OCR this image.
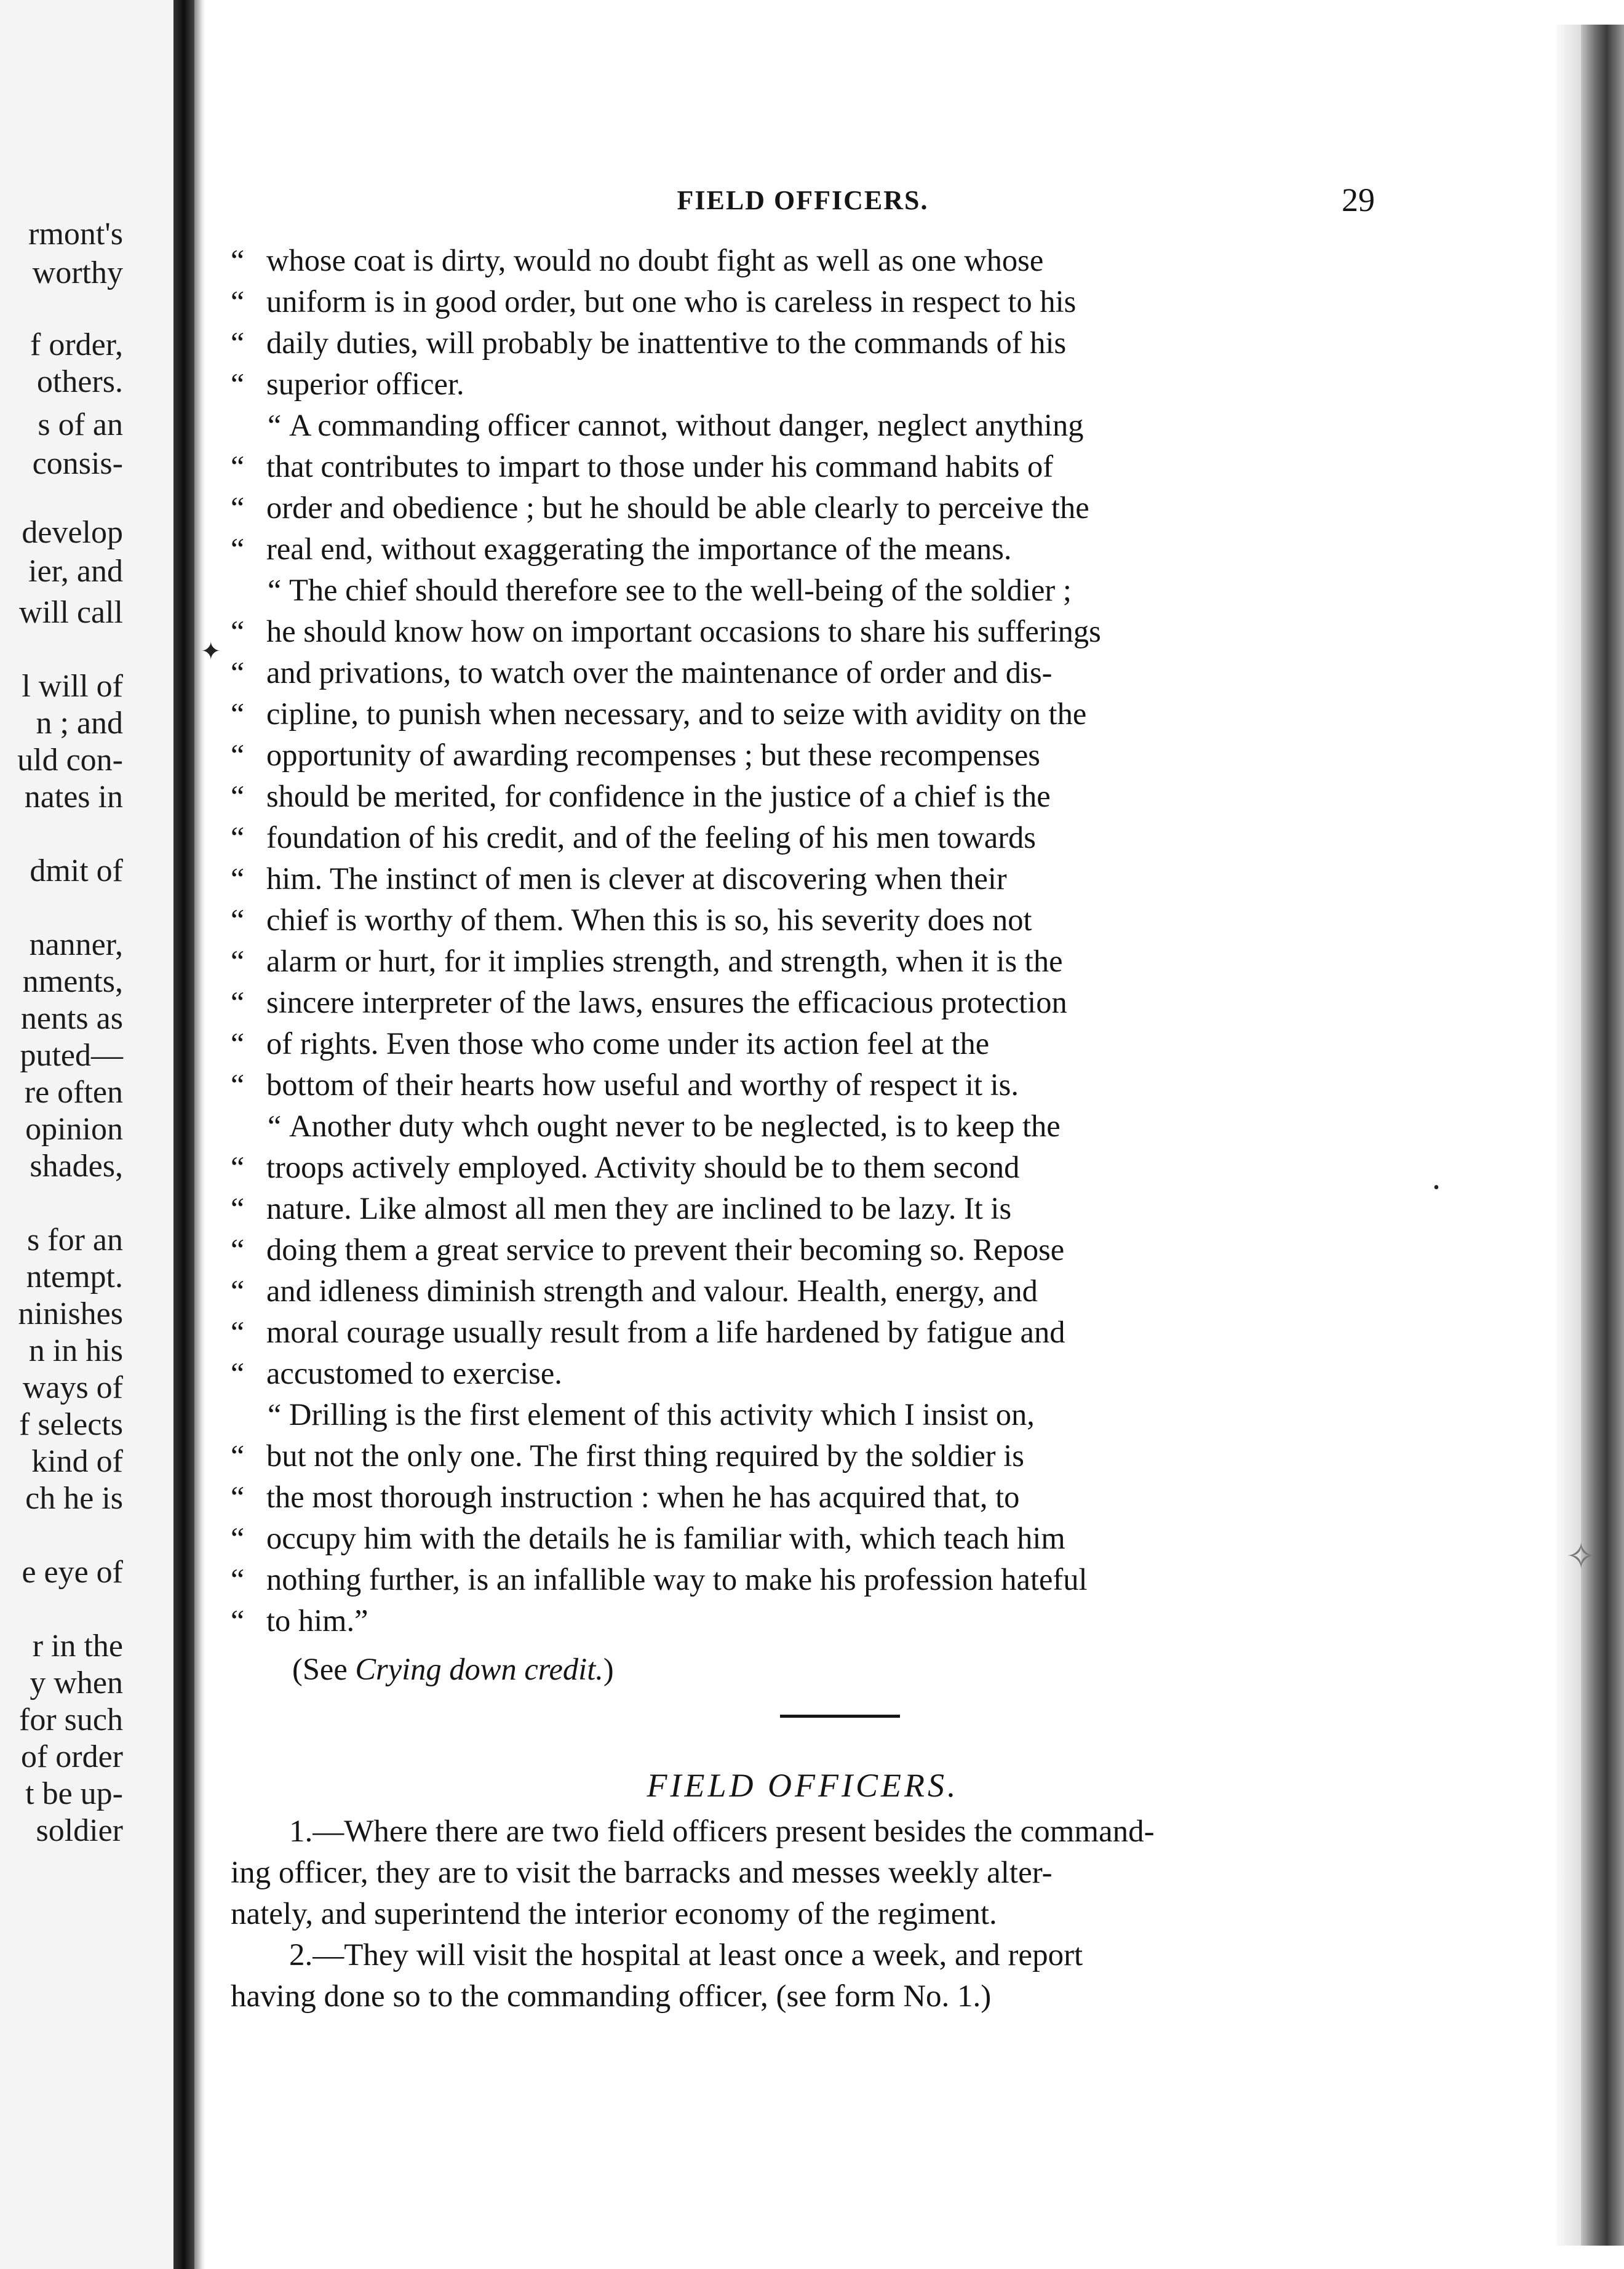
rmont's
worthy
f order,
others.
s of an
consis-
develop
ier, and
will call
l will of
n ; and
uld con-
nates in
dmit of
nanner,
nments,
nents as
puted—
re often
opinion
shades,
s for an
ntempt.
ninishes
n in his
ways of
f selects
kind of
ch he is
e eye of
r in the
y when
for such
of order
t be up-
soldier
✦
•
✧
FIELD OFFICERS.	29
“ whose coat is dirty, would no doubt fight as well as one whose
“ uniform is in good order, but one who is careless in respect to his
“ daily duties, will probably be inattentive to the commands of his
“ superior officer.
“ A commanding officer cannot, without danger, neglect anything
“ that contributes to impart to those under his command habits of
“ order and obedience ; but he should be able clearly to perceive the
“ real end, without exaggerating the importance of the means.
“ The chief should therefore see to the well-being of the soldier ;
“ he should know how on important occasions to share his sufferings
“ and privations, to watch over the maintenance of order and dis-
“ cipline, to punish when necessary, and to seize with avidity on the
“ opportunity of awarding recompenses ; but these recompenses
“ should be merited, for confidence in the justice of a chief is the
“ foundation of his credit, and of the feeling of his men towards
“ him. The instinct of men is clever at discovering when their
“ chief is worthy of them. When this is so, his severity does not
“ alarm or hurt, for it implies strength, and strength, when it is the
“ sincere interpreter of the laws, ensures the efficacious protection
“ of rights. Even those who come under its action feel at the
“ bottom of their hearts how useful and worthy of respect it is.
“ Another duty whch ought never to be neglected, is to keep the
“ troops actively employed. Activity should be to them second
“ nature. Like almost all men they are inclined to be lazy. It is
“ doing them a great service to prevent their becoming so. Repose
“ and idleness diminish strength and valour. Health, energy, and
“ moral courage usually result from a life hardened by fatigue and
“ accustomed to exercise.
“ Drilling is the first element of this activity which I insist on,
“ but not the only one. The first thing required by the soldier is
“ the most thorough instruction : when he has acquired that, to
“ occupy him with the details he is familiar with, which teach him
“ nothing further, is an infallible way to make his profession hateful
“ to him.”
(See Crying down credit.)
FIELD OFFICERS.
1.—Where there are two field officers present besides the command-
ing officer, they are to visit the barracks and messes weekly alter-
nately, and superintend the interior economy of the regiment.
2.—They will visit the hospital at least once a week, and report
having done so to the commanding officer, (see form No. 1.)
